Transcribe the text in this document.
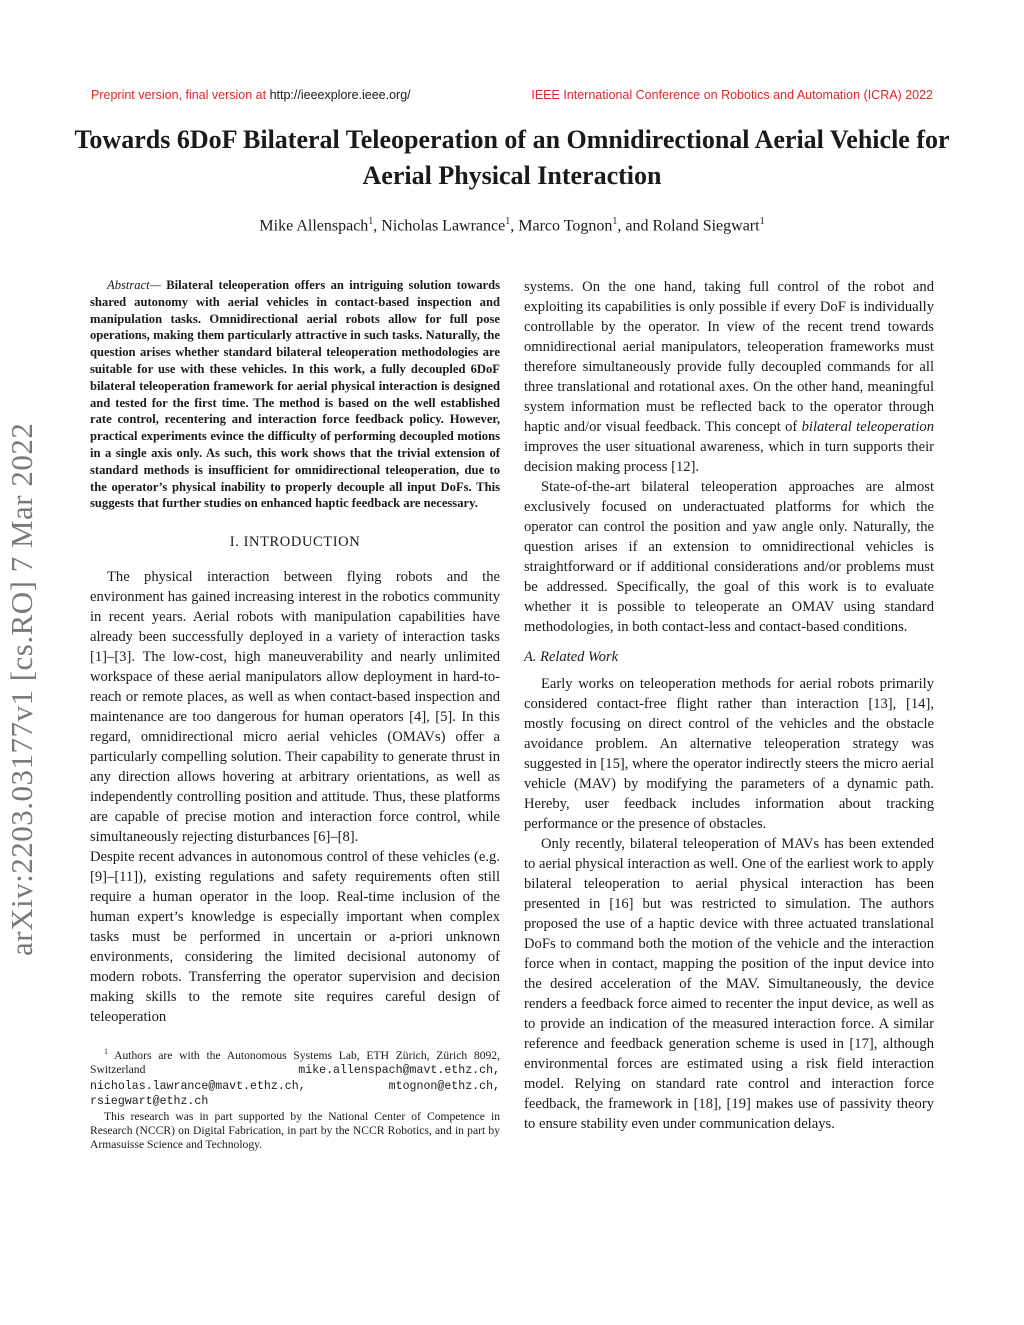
Preprint version, final version at http://ieeexplore.ieee.org/	IEEE International Conference on Robotics and Automation (ICRA) 2022
Towards 6DoF Bilateral Teleoperation of an Omnidirectional Aerial Vehicle for Aerial Physical Interaction
Mike Allenspach$^1$, Nicholas Lawrance$^1$, Marco Tognon$^1$, and Roland Siegwart$^1$
arXiv:2203.03177v1 [cs.RO] 7 Mar 2022

Abstract— Bilateral teleoperation offers an intriguing solution towards shared autonomy with aerial vehicles in contact-based inspection and manipulation tasks. Omnidirectional aerial robots allow for full pose operations, making them particularly attractive in such tasks. Naturally, the question arises whether standard bilateral teleoperation methodologies are suitable for use with these vehicles. In this work, a fully decoupled 6DoF bilateral teleoperation framework for aerial physical interaction is designed and tested for the first time. The method is based on the well established rate control, recentering and interaction force feedback policy. However, practical experiments evince the difficulty of performing decoupled motions in a single axis only. As such, this work shows that the trivial extension of standard methods is insufficient for omnidirectional teleoperation, due to the operator’s physical inability to properly decouple all input DoFs. This suggests that further studies on enhanced haptic feedback are necessary.

I. INTRODUCTION

The physical interaction between flying robots and the environment has gained increasing interest in the robotics community in recent years. Aerial robots with manipulation capabilities have already been successfully deployed in a variety of interaction tasks [1]–[3]. The low-cost, high maneuverability and nearly unlimited workspace of these aerial manipulators allow deployment in hard-to-reach or remote places, as well as when contact-based inspection and maintenance are too dangerous for human operators [4], [5]. In this regard, omnidirectional micro aerial vehicles (OMAVs) offer a particularly compelling solution. Their capability to generate thrust in any direction allows hovering at arbitrary orientations, as well as independently controlling position and attitude. Thus, these platforms are capable of precise motion and interaction force control, while simultaneously rejecting disturbances [6]–[8].

Despite recent advances in autonomous control of these vehicles (e.g. [9]–[11]), existing regulations and safety requirements often still require a human operator in the loop. Real-time inclusion of the human expert’s knowledge is especially important when complex tasks must be performed in uncertain or a-priori unknown environments, considering the limited decisional autonomy of modern robots. Transferring the operator supervision and decision making skills to the remote site requires careful design of teleoperation

$^1$ Authors are with the Autonomous Systems Lab, ETH Zürich, Zürich 8092, Switzerland	mike.allenspach@mavt.ethz.ch, nicholas.lawrance@mavt.ethz.ch, mtognon@ethz.ch, rsiegwart@ethz.ch

This research was in part supported by the National Center of Competence in Research (NCCR) on Digital Fabrication, in part by the NCCR Robotics, and in part by Armasuisse Science and Technology.

systems. On the one hand, taking full control of the robot and exploiting its capabilities is only possible if every DoF is individually controllable by the operator. In view of the recent trend towards omnidirectional aerial manipulators, teleoperation frameworks must therefore simultaneously provide fully decoupled commands for all three translational and rotational axes. On the other hand, meaningful system information must be reflected back to the operator through haptic and/or visual feedback. This concept of bilateral teleoperation improves the user situational awareness, which in turn supports their decision making process [12].

State-of-the-art bilateral teleoperation approaches are almost exclusively focused on underactuated platforms for which the operator can control the position and yaw angle only. Naturally, the question arises if an extension to omnidirectional vehicles is straightforward or if additional considerations and/or problems must be addressed. Specifically, the goal of this work is to evaluate whether it is possible to teleoperate an OMAV using standard methodologies, in both contact-less and contact-based conditions.

A. Related Work

Early works on teleoperation methods for aerial robots primarily considered contact-free flight rather than interaction [13], [14], mostly focusing on direct control of the vehicles and the obstacle avoidance problem. An alternative teleoperation strategy was suggested in [15], where the operator indirectly steers the micro aerial vehicle (MAV) by modifying the parameters of a dynamic path. Hereby, user feedback includes information about tracking performance or the presence of obstacles.

Only recently, bilateral teleoperation of MAVs has been extended to aerial physical interaction as well. One of the earliest work to apply bilateral teleoperation to aerial physical interaction has been presented in [16] but was restricted to simulation. The authors proposed the use of a haptic device with three actuated translational DoFs to command both the motion of the vehicle and the interaction force when in contact, mapping the position of the input device into the desired acceleration of the MAV. Simultaneously, the device renders a feedback force aimed to recenter the input device, as well as to provide an indication of the measured interaction force. A similar reference and feedback generation scheme is used in [17], although environmental forces are estimated using a risk field interaction model. Relying on standard rate control and interaction force feedback, the framework in [18], [19] makes use of passivity theory to ensure stability even under communication delays.
